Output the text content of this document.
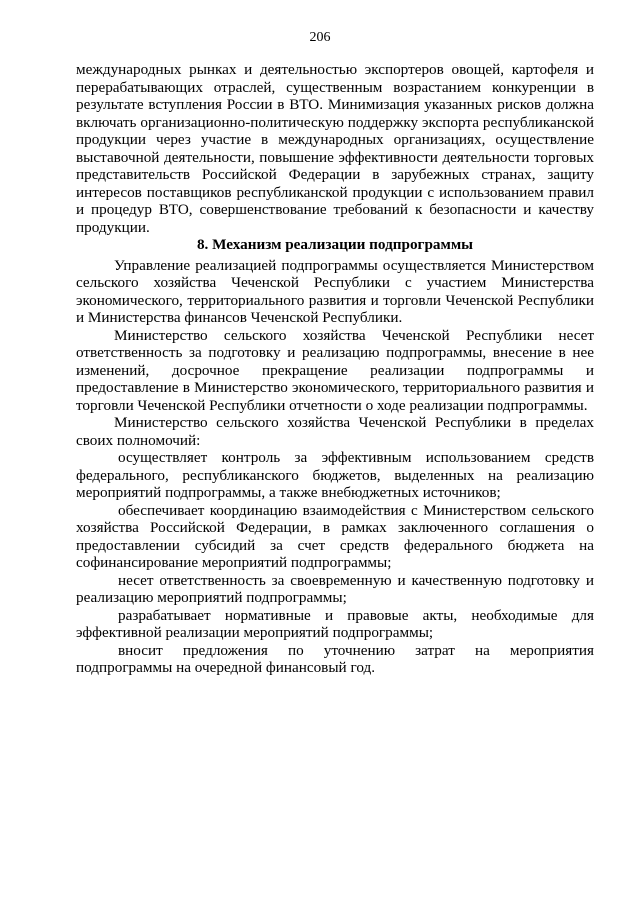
206

международных рынках и деятельностью экспортеров овощей, картофеля и перерабатывающих отраслей, существенным возрастанием конкуренции в результате вступления России в ВТО. Минимизация указанных рисков должна включать организационно-политическую поддержку экспорта республиканской продукции через участие в международных организациях, осуществление выставочной деятельности, повышение эффективности деятельности торговых представительств Российской Федерации в зарубежных странах, защиту интересов поставщиков республиканской продукции с использованием правил и процедур ВТО, совершенствование требований к безопасности и качеству продукции.

8. Механизм реализации подпрограммы

Управление реализацией подпрограммы осуществляется Министерством сельского хозяйства Чеченской Республики с участием Министерства экономического, территориального развития и торговли Чеченской Республики и Министерства финансов Чеченской Республики.

Министерство сельского хозяйства Чеченской Республики несет ответственность за подготовку и реализацию подпрограммы, внесение в нее изменений, досрочное прекращение реализации подпрограммы и предоставление в Министерство экономического, территориального развития и торговли Чеченской Республики отчетности о ходе реализации подпрограммы.

Министерство сельского хозяйства Чеченской Республики в пределах своих полномочий:

осуществляет контроль за эффективным использованием средств федерального, республиканского бюджетов, выделенных на реализацию мероприятий подпрограммы, а также внебюджетных источников;

обеспечивает координацию взаимодействия с Министерством сельского хозяйства Российской Федерации, в рамках заключенного соглашения о предоставлении субсидий за счет средств федерального бюджета на софинансирование мероприятий подпрограммы;

несет ответственность за своевременную и качественную подготовку и реализацию мероприятий подпрограммы;

разрабатывает нормативные и правовые акты, необходимые для эффективной реализации мероприятий подпрограммы;

вносит предложения по уточнению затрат на мероприятия подпрограммы на очередной финансовый год.
